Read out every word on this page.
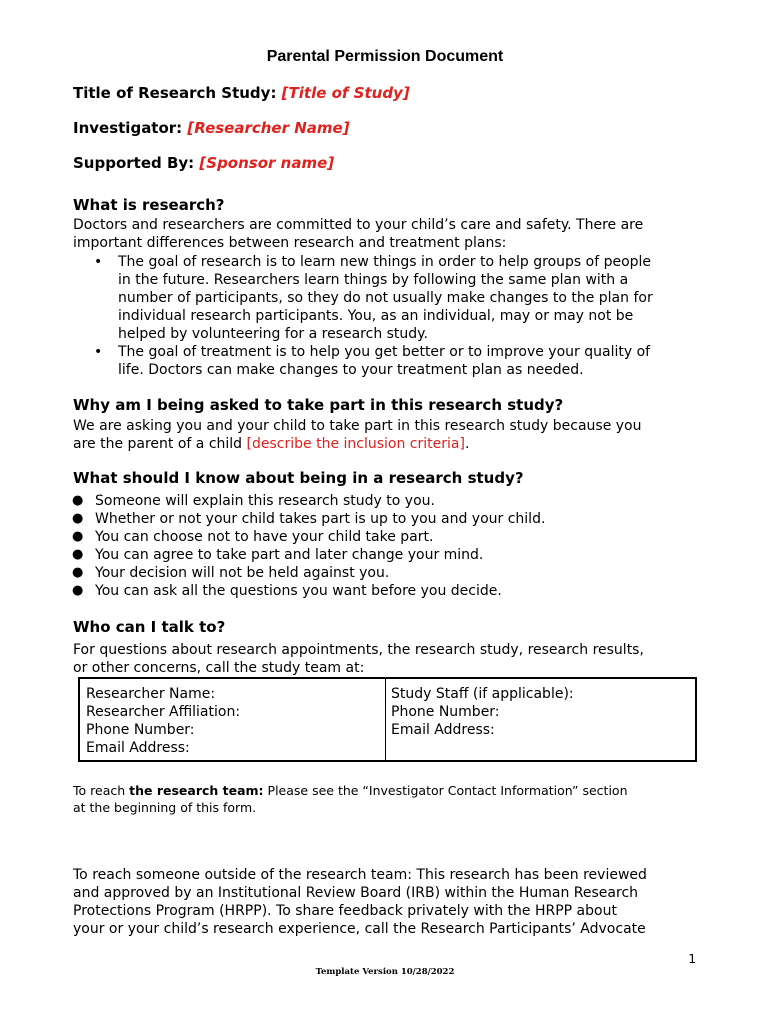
Parental Permission Document
Title of Research Study: [Title of Study]
Investigator: [Researcher Name]
Supported By: [Sponsor name]
What is research?
Doctors and researchers are committed to your child’s care and safety. There are
important differences between research and treatment plans:
• The goal of research is to learn new things in order to help groups of people
in the future. Researchers learn things by following the same plan with a
number of participants, so they do not usually make changes to the plan for
individual research participants. You, as an individual, may or may not be
helped by volunteering for a research study.
• The goal of treatment is to help you get better or to improve your quality of
life. Doctors can make changes to your treatment plan as needed.
Why am I being asked to take part in this research study?
We are asking you and your child to take part in this research study because you
are the parent of a child [describe the inclusion criteria].
What should I know about being in a research study?
● Someone will explain this research study to you.
● Whether or not your child takes part is up to you and your child.
● You can choose not to have your child take part.
● You can agree to take part and later change your mind.
● Your decision will not be held against you.
● You can ask all the questions you want before you decide.
Who can I talk to?
For questions about research appointments, the research study, research results,
or other concerns, call the study team at:
Researcher Name:
Researcher Affiliation:
Phone Number:
Email Address:
Study Staff (if applicable):
Phone Number:
Email Address:
To reach the research team: Please see the “Investigator Contact Information” section
at the beginning of this form.
To reach someone outside of the research team: This research has been reviewed
and approved by an Institutional Review Board (IRB) within the Human Research
Protections Program (HRPP). To share feedback privately with the HRPP about
your or your child’s research experience, call the Research Participants’ Advocate
1
Template Version 10/28/2022
